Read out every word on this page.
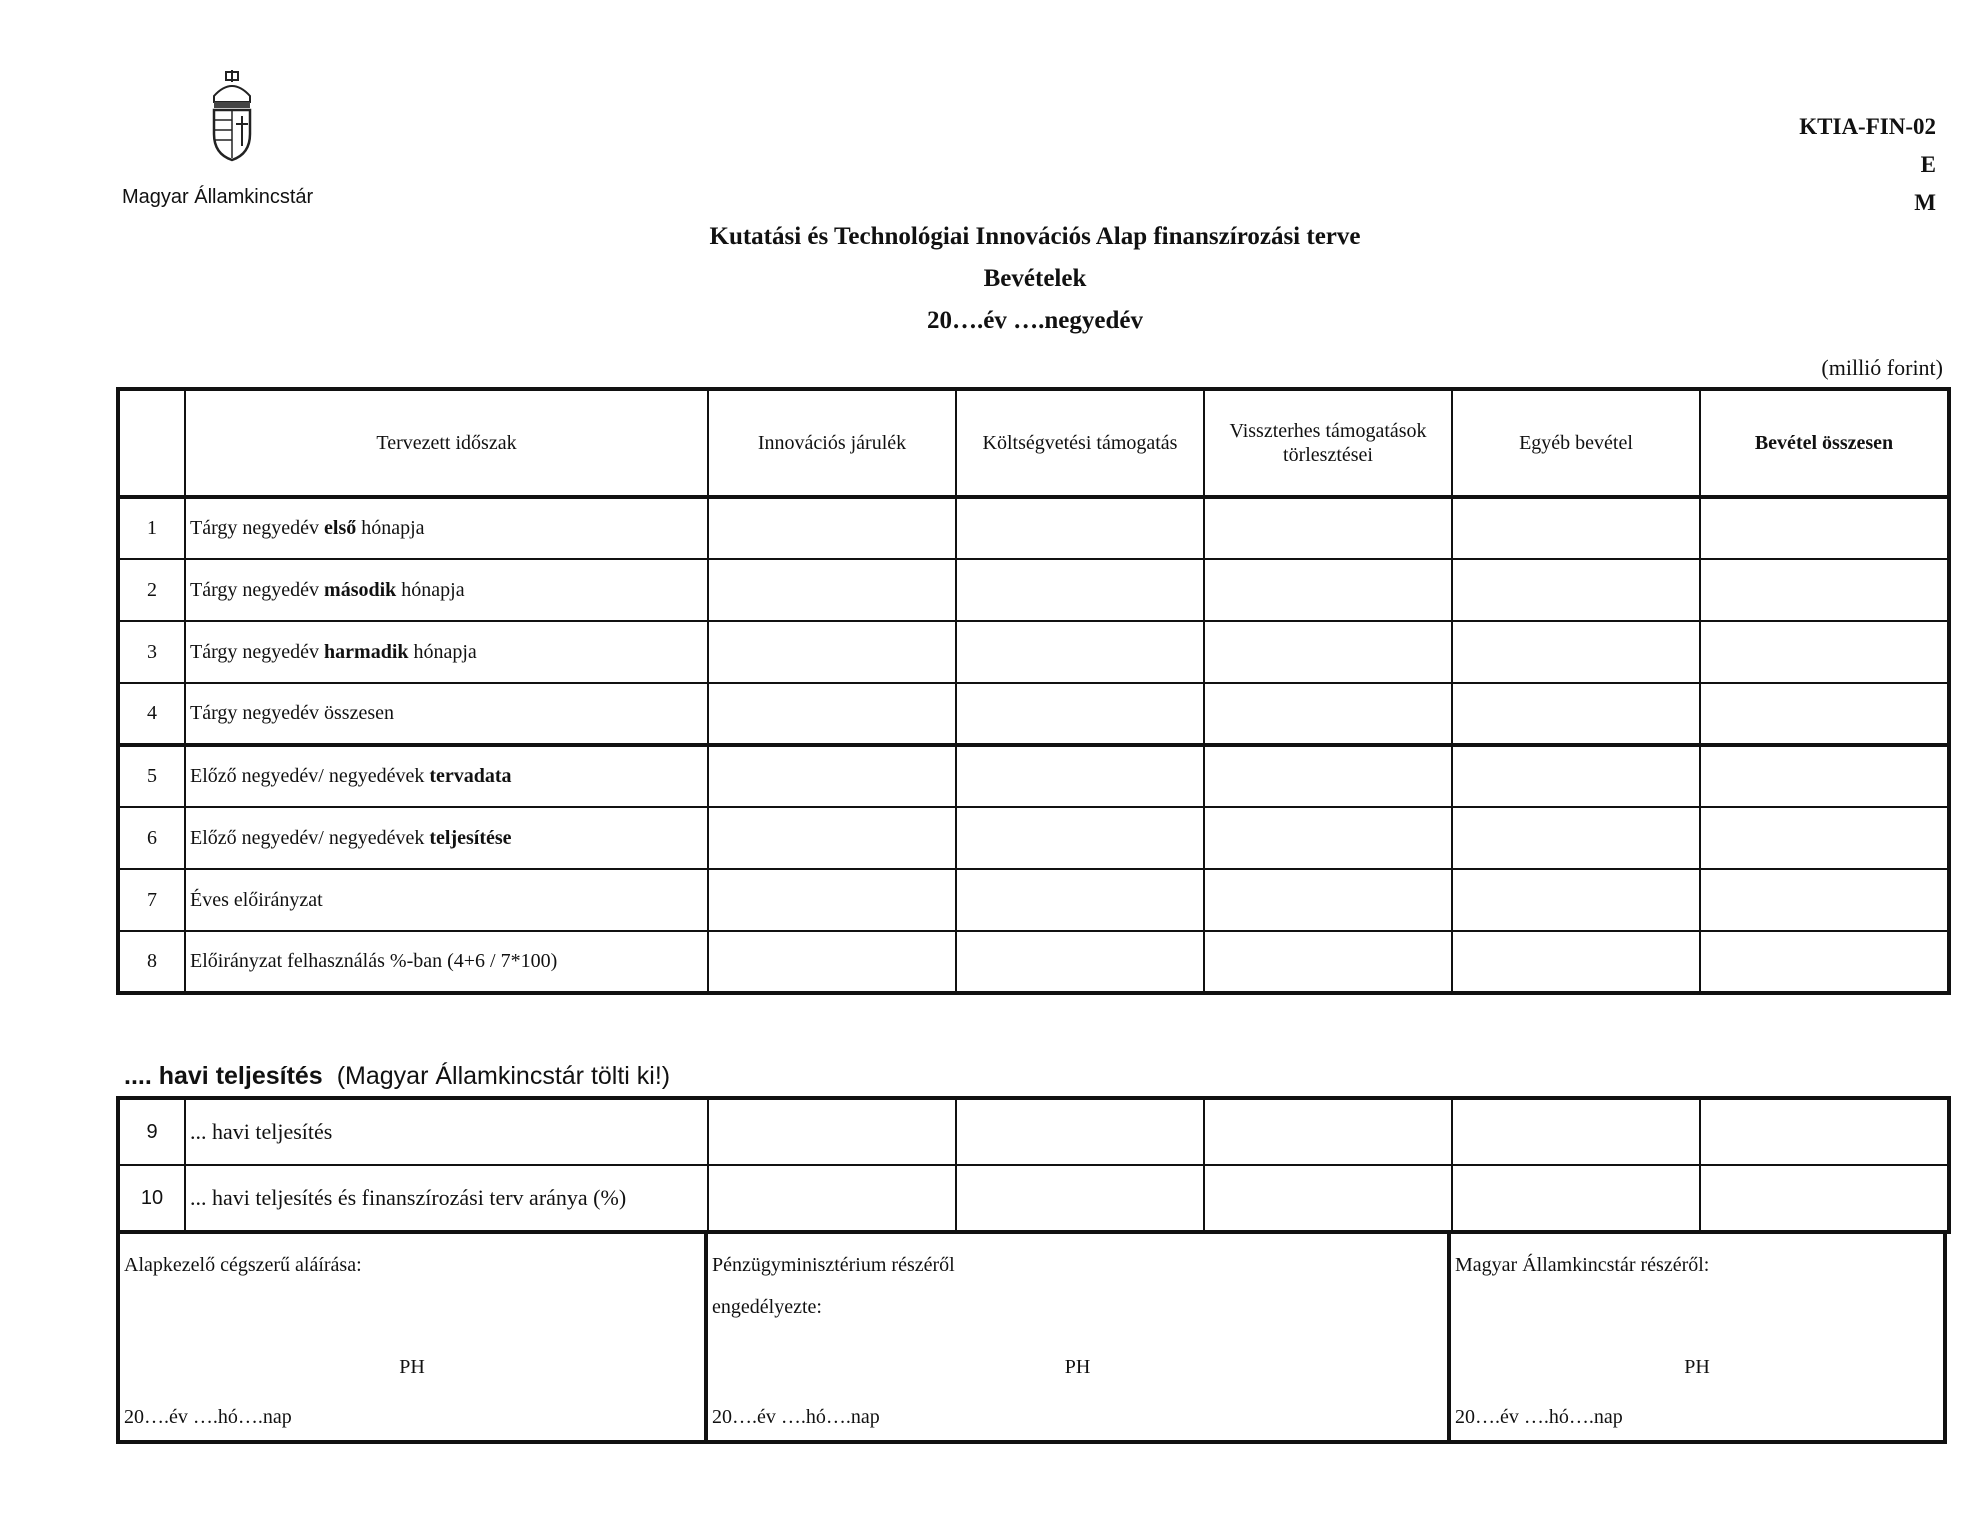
Magyar Államkincstár
KTIA-FIN-02
E
M
Kutatási és Technológiai Innovációs Alap finanszírozási terve
Bevételek
20….év ….negyedév
(millió forint)
	Tervezett időszak	Innovációs járulék	Költségvetési támogatás	Visszterhes támogatások törlesztései	Egyéb bevétel	Bevétel összesen
1	Tárgy negyedév első hónapja					
2	Tárgy negyedév második hónapja					
3	Tárgy negyedév harmadik hónapja					
4	Tárgy negyedév összesen					
5	Előző negyedév/ negyedévek tervadata					
6	Előző negyedév/ negyedévek teljesítése					
7	Éves előirányzat					
8	Előirányzat felhasználás %-ban (4+6 / 7*100)					
.... havi teljesítés (Magyar Államkincstár tölti ki!)
9	... havi teljesítés					
10	... havi teljesítés és finanszírozási terv aránya (%)					
Alapkezelő cégszerű aláírása:
PH
20….év ….hó….nap
Pénzügyminisztérium részéről
engedélyezte:
PH
20….év ….hó….nap
Magyar Államkincstár részéről:
PH
20….év ….hó….nap
